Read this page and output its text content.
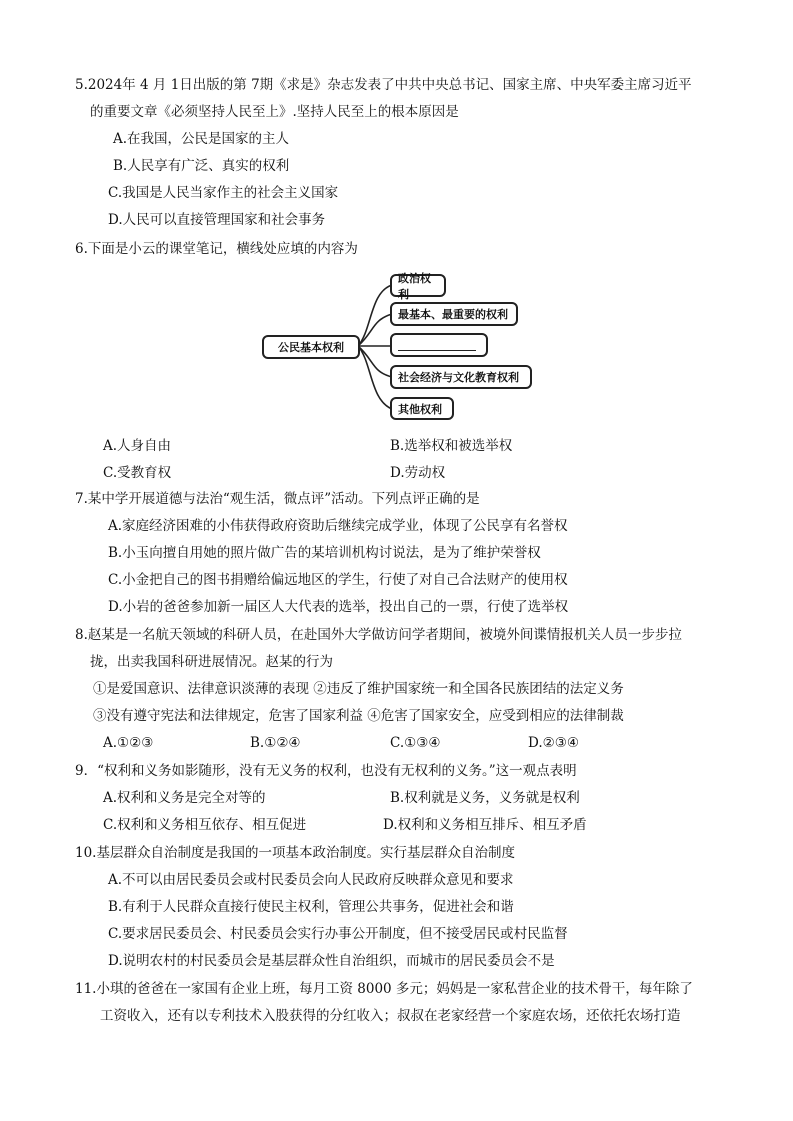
5.2024年 4 月 1日出版的第 7期《求是》杂志发表了中共中央总书记、国家主席、中央军委主席习近平
的重要文章《必须坚持人民至上》.坚持人民至上的根本原因是
A.在我国，公民是国家的主人
B.人民享有广泛、真实的权利
C.我国是人民当家作主的社会主义国家
D.人民可以直接管理国家和社会事务
6.下面是小云的课堂笔记，横线处应填的内容为
公民基本权利
政治权利
最基本、最重要的权利
社会经济与文化教育权利
其他权利
A.人身自由	B.选举权和被选举权
C.受教育权	D.劳动权
7.某中学开展道德与法治“观生活，微点评”活动。下列点评正确的是
A.家庭经济困难的小伟获得政府资助后继续完成学业，体现了公民享有名誉权
B.小玉向擅自用她的照片做广告的某培训机构讨说法，是为了维护荣誉权
C.小金把自己的图书捐赠给偏远地区的学生，行使了对自己合法财产的使用权
D.小岩的爸爸参加新一届区人大代表的选举，投出自己的一票，行使了选举权
8.赵某是一名航天领域的科研人员，在赴国外大学做访问学者期间，被境外间谍情报机关人员一步步拉
拢，出卖我国科研进展情况。赵某的行为
①是爱国意识、法律意识淡薄的表现 ②违反了维护国家统一和全国各民族团结的法定义务
③没有遵守宪法和法律规定，危害了国家利益 ④危害了国家安全，应受到相应的法律制裁
A.①②③	B.①②④	C.①③④	D.②③④
9．“权利和义务如影随形，没有无义务的权利，也没有无权利的义务。”这一观点表明
A.权利和义务是完全对等的	B.权利就是义务，义务就是权利
C.权利和义务相互依存、相互促进	D.权利和义务相互排斥、相互矛盾
10.基层群众自治制度是我国的一项基本政治制度。实行基层群众自治制度
A.不可以由居民委员会或村民委员会向人民政府反映群众意见和要求
B.有利于人民群众直接行使民主权利，管理公共事务，促进社会和谐
C.要求居民委员会、村民委员会实行办事公开制度，但不接受居民或村民监督
D.说明农村的村民委员会是基层群众性自治组织，而城市的居民委员会不是
11.小琪的爸爸在一家国有企业上班，每月工资 8000 多元；妈妈是一家私营企业的技术骨干，每年除了
工资收入，还有以专利技术入股获得的分红收入；叔叔在老家经营一个家庭农场，还依托农场打造
